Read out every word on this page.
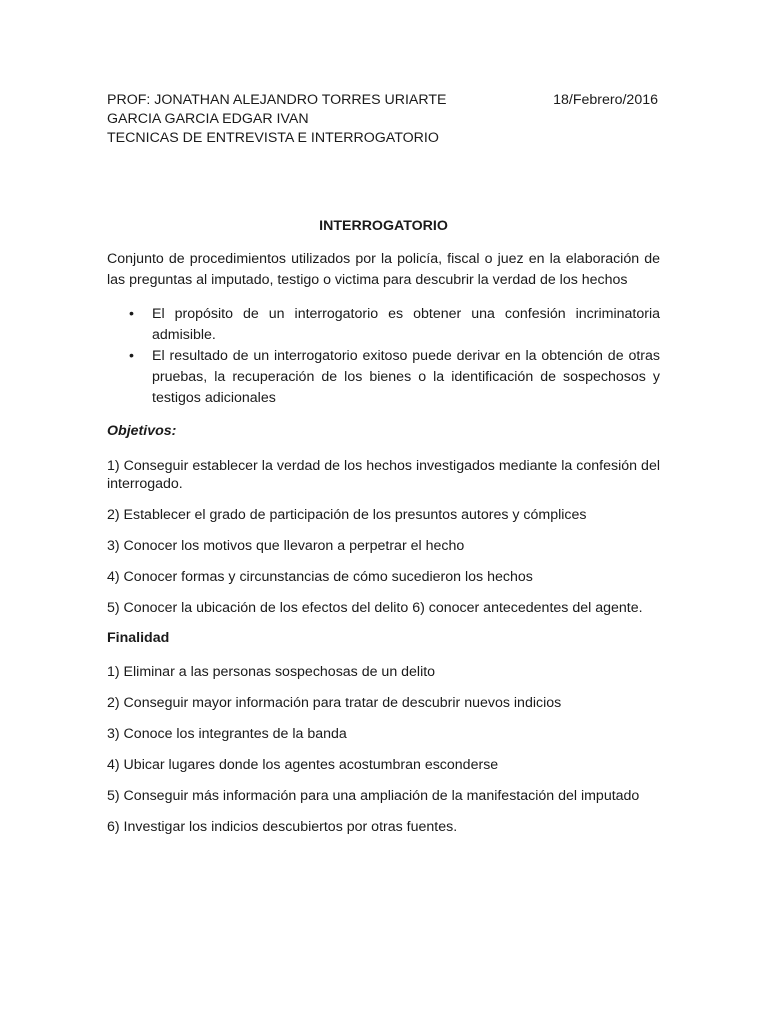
PROF: JONATHAN ALEJANDRO TORRES URIARTE	18/Febrero/2016
GARCIA GARCIA EDGAR IVAN
TECNICAS DE ENTREVISTA E INTERROGATORIO
INTERROGATORIO

Conjunto de procedimientos utilizados por la policía, fiscal o juez en la elaboración de las preguntas al imputado, testigo o victima para descubrir la verdad de los hechos

• El propósito de un interrogatorio es obtener una confesión incriminatoria admisible.
• El resultado de un interrogatorio exitoso puede derivar en la obtención de otras pruebas, la recuperación de los bienes o la identificación de sospechosos y testigos adicionales

Objetivos:

1) Conseguir establecer la verdad de los hechos investigados mediante la confesión del interrogado.

2) Establecer el grado de participación de los presuntos autores y cómplices

3) Conocer los motivos que llevaron a perpetrar el hecho

4) Conocer formas y circunstancias de cómo sucedieron los hechos

5) Conocer la ubicación de los efectos del delito 6) conocer antecedentes del agente.

Finalidad

1) Eliminar a las personas sospechosas de un delito

2) Conseguir mayor información para tratar de descubrir nuevos indicios

3) Conoce los integrantes de la banda

4) Ubicar lugares donde los agentes acostumbran esconderse

5) Conseguir más información para una ampliación de la manifestación del imputado

6) Investigar los indicios descubiertos por otras fuentes.
